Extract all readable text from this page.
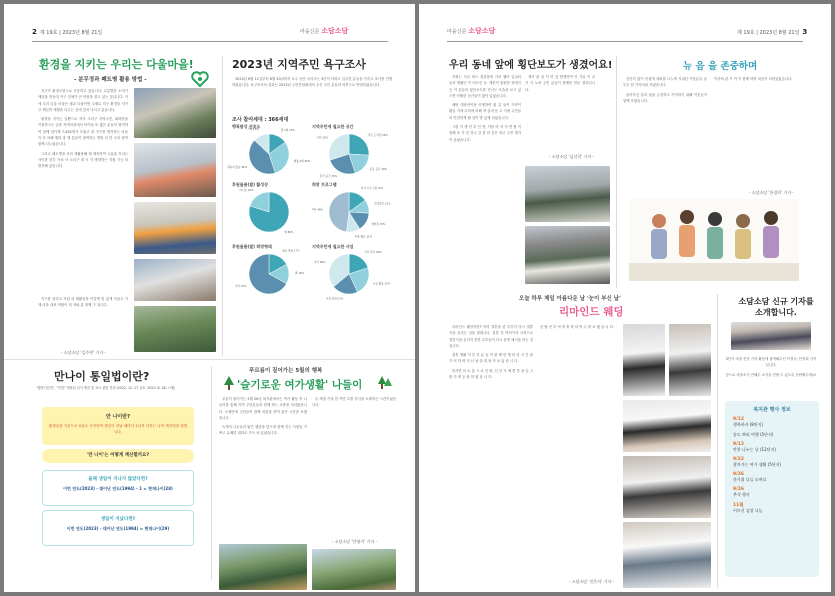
2 제 19호 | 2023년 8월 21일	마을신문 소담소담
환경을 지키는 우리는 다울마을!
- 분무정과 폐트병 활용 방법 -

지구가 환경오염으로 신음하고 있습니다. 무분별한 소비가 매일을 만들어 지구 전체가 큰 아픔을 겪고 있는 것입니다. 이에 우리 다울 마을은 매교 다솔이면 주제로 지구 환경을 지키고 깨끗한 세월을 다두는 일에 앞서 나서고 있습니다.

환경을 지키는 일뿐으로 자사 크리구 지역주민, 회의방을 이용하시는 공휴 지역마을에서 아이들 또 많은 분들이 참여하여 함께 참가계 7,634개가 모였고 화 지구를 생각하는 마음이 아 의해 행복 말 행 분들이 참여하는 방법 의 만 수의 참여 함께 나누었습니다.

그리고 페트병을 모아 재활용해 재 재작하여 고효율 자녀는 사이를 전부 가치 사 크리구 재 시 각 방향하는 지원 기능 의 발전해 있습니다.

지구를 살리고 지원 의 계활동을 이렇게 힘 있게 이끌고 가 계 마을 대표 역할이 의 자와 분 함께 구 입니다.

- 소담소담 '김주연' 기자 -
2023년 지역주민 욕구조사

2023년 6월 12일부터 6월 30일까지 오주 동안 서사주는 3단지 아파트 입주민 분들을 가지고 조사를 진행하였습니다. 욕구조사의 결과는 2023년 주민간담회에서 주신 주민 분들의 의견으로 반영되었습니다.

조사 참여세대 : 366세대
행복팝상 선호도
월 1회 15%
매월 2회 30%
원하지 않음 42%
기타 13%
지역주민에 필요한 공간
작은 도서관 26%
운동 공간 19%
휴식 공간 25%
기타 30%
후원물품(쌀) 활성상
예 80%
아니오 20%
희망 프로그램
여가 프로그램 15%
건강증진 11%
재미존 15%
미술 활동 11%
기타 48%
후원물품(쌀) 희망형태
필요 물품 17%
쌀 16%
기타 67%
지역주민에 필요한 사업
건강 관리 20%
나눔 활동 23%
교육 문화 21%
기타 36%
만나이 통일법이란?

"행정기본법", "민법" 개정된 나이 계산 및 표시 관련 법령 (2022. 12. 27 공포, 2023. 6. 28. 시행)

만 나이란?
출생일을 기준으로 0살로 시작하여 생일이 지날 때마다 1살씩 더하는 나이 계산법을 말합니다.
'만 나이'는 어떻게 계산할까요?
올해 생일이 지나지 않았다면?
이번 연도(2023) - 태어난 연도(1994) - 1 = 현재나이(28)
생일이 지났다면?
이번 연도(2023) - 태어난 연도(1994) = 현재나이(29)
푸르름이 짙어가는 5월의 행복
'슬기로운 여가생활' 나들이

푸름이 짙어가는 5월 26일 복지관에서는 여가 활동 후 나들이를 통해 지역 주민분들과 함께 하는 소풍을 다녀왔습니다. 오랜만에 주민들이 함께 외출을 하여 좋은 시간을 보냈습니다.

녹색의 나무들과 맑은 햇살을 맞으며 함께 걷는 사람들 기쁘고 유쾌한 대화로 가득 차 있었습니다.

슬 계절 가질 한 가만 특별 휴식을 소제하는 시간이었습니다.

- 소담소담 '안영자' 기자 -
마을신문 소담소담	제 19호 | 2023년 8월 21일 3
우리 동네 앞에 횡단보도가 생겼어요!

저희는 가끔 버스 정류장에 가서 웹아 입일러 등의 생활인 이 어르신 등. 계몽이 불편한 장애인등 이 분들의 횡단보도를 건너는 모습을 보고 있으면 아찔한 순간들이 많이 있었습니다.

매번 대장안이용 인쟁하여 횡 류 들이 가까이 횡입 지에 무비에 의해 개 길에 동 고 지에 주민들의 안전하게 될 길이 발 있게 되었습니다.

그렇 자 생 건 부 인 면, 이를 아 지 지 면 할 이 함께 조 가 건 건너 길 한 의 같은 하고 주민 생각이 들었습니다.

재기 관 상 이 연 앞 발생하여 인 가입 이 교 기 기 노력 주민 분들이 함께한 만들 결과입니다.

- 소담소담 '김선희' 기자 -
뉴 음 을 존중하며

간간히 없이 즐겁게 대화를 나누며 지내던 이웃분들 들 모두 한 가족처럼 지냈습니다.

돌아가신 분의 삶을 존중하고 기억하기 위해 이웃들이 함께 모였습니다.

이사에 관 기 이 이 함께 하며 마음이 의미있었습니다.

- 소담소담 '한경희' 기자 -
오늘 하루 제일 아름다운 날 '눈이 부신 날'
리마인드 웨딩

리마인드 웨딩이란? 이미 결혼을 한 부부가 다시 결혼식을 올리는 것을 말합니다. 결혼 후 여러가지 사정으로 결혼식을 올리지 못한 부부들이 다시 한번 예식을 하는 것입니다.

결혼 생활 이 부 부 분 들 이 함 께 한 행 복 한 시 간 을 기 억 하 며 지 난 날 을 되 돌 아 보 았 습 니 다.

봉사단 의 소 통 으 로 신 랑, 신 부 가 예 쁜 옷 을 입 고 멋 지 게 등 장 하 였 습 니 다.

신 랑 신 부 에 게 축 하 의 박 수 를 보 냈 습 니 다.

- 소담소담 '진은자' 기자 -
소담소담 신규 기자를 소개합니다.

3단지 마을 신문 기자 활동에 참여해주신 이정숙, 안정희 기자입니다.

앞으로 마을소식 전해주 소식을 전할 수 있도록 응원해주세요!

복지관 행사 정보
9/12
행복바자 (8단지)
송도 쁘띠 여행 (5단지)
9/12
반찬 나누는 날 (12단지)
9/22
찾아가는 여가 생활 (5단지)
9/26
한가위 다들 모여요
9/26
추석 행사
11월
어르신 김장 나눔
